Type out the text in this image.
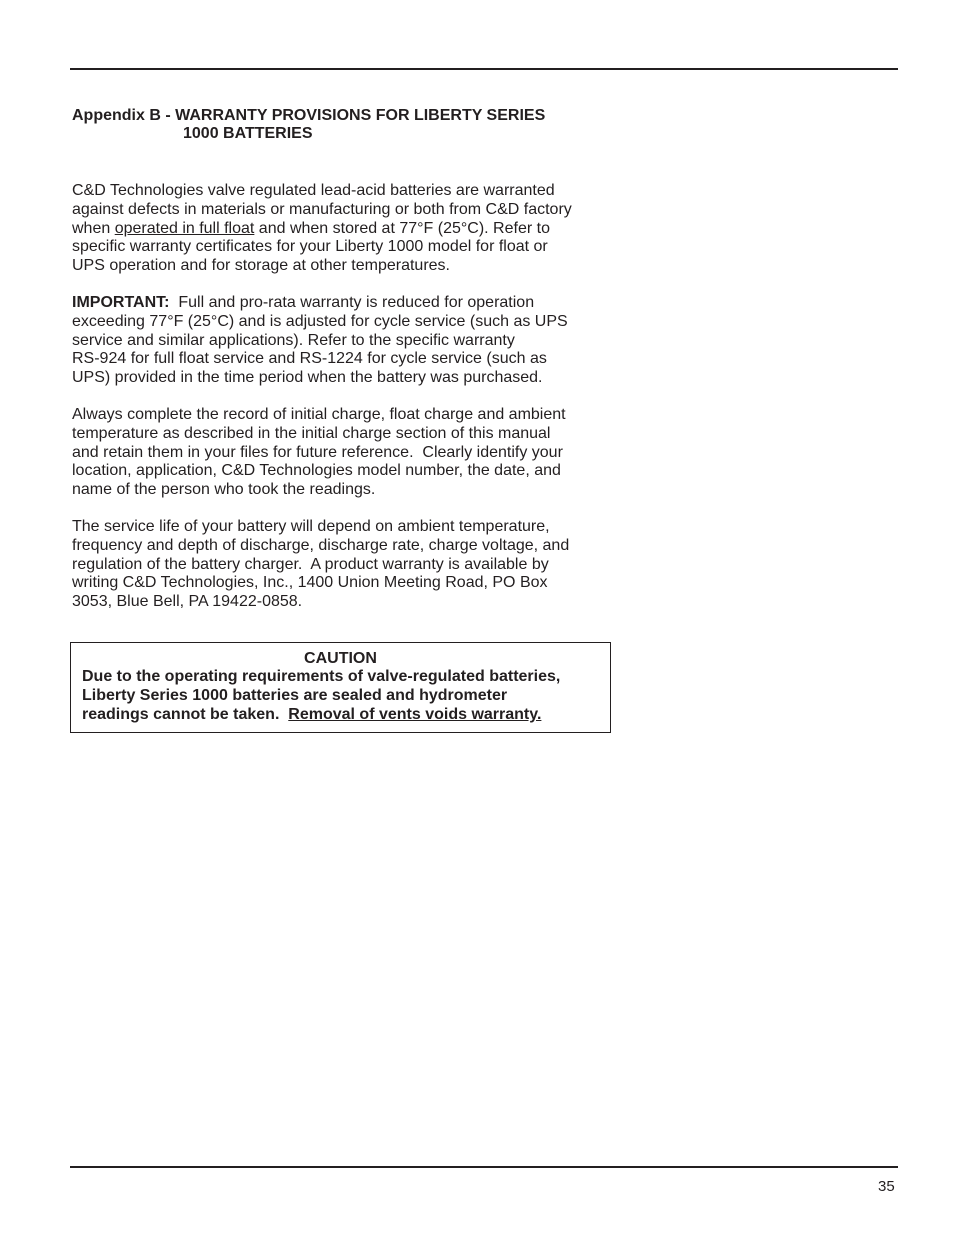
Appendix B - WARRANTY PROVISIONS FOR LIBERTY SERIES
1000 BATTERIES
C&D Technologies valve regulated lead-acid batteries are warranted
against defects in materials or manufacturing or both from C&D factory
when operated in full float and when stored at 77°F (25°C). Refer to
specific warranty certificates for your Liberty 1000 model for float or
UPS operation and for storage at other temperatures.
IMPORTANT:  Full and pro-rata warranty is reduced for operation
exceeding 77°F (25°C) and is adjusted for cycle service (such as UPS
service and similar applications). Refer to the specific warranty
RS-924 for full float service and RS-1224 for cycle service (such as
UPS) provided in the time period when the battery was purchased.
Always complete the record of initial charge, float charge and ambient
temperature as described in the initial charge section of this manual
and retain them in your files for future reference.  Clearly identify your
location, application, C&D Technologies model number, the date, and
name of the person who took the readings.
The service life of your battery will depend on ambient temperature,
frequency and depth of discharge, discharge rate, charge voltage, and
regulation of the battery charger.  A product warranty is available by
writing C&D Technologies, Inc., 1400 Union Meeting Road, PO Box
3053, Blue Bell, PA 19422-0858.
CAUTION
Due to the operating requirements of valve-regulated batteries,
Liberty Series 1000 batteries are sealed and hydrometer
readings cannot be taken.  Removal of vents voids warranty.
35
